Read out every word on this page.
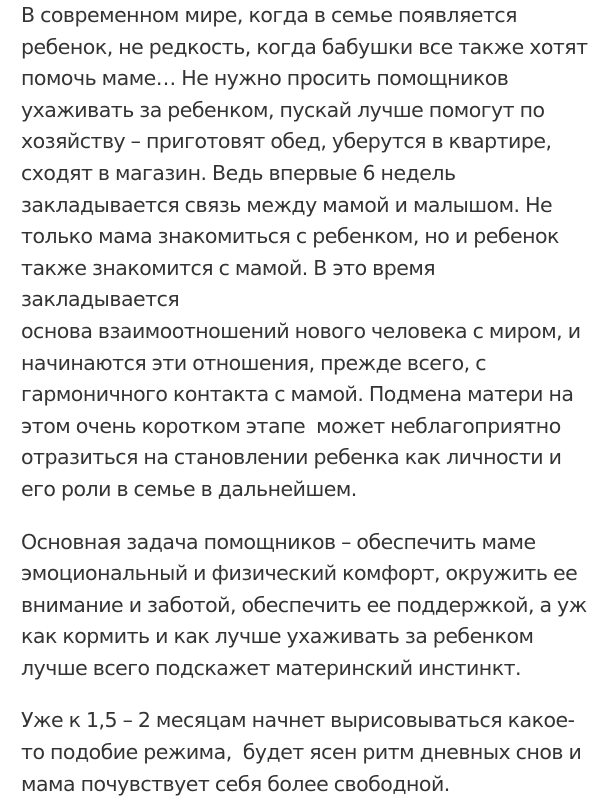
В современном мире, когда в семье появляется
ребенок, не редкость, когда бабушки все также хотят
помочь маме… Не нужно просить помощников
ухаживать за ребенком, пускай лучше помогут по
хозяйству – приготовят обед, уберутся в квартире,
сходят в магазин. Ведь впервые 6 недель
закладывается связь между мамой и малышом. Не
только мама знакомиться с ребенком, но и ребенок
также знакомится с мамой. В это время закладывается
основа взаимоотношений нового человека с миром, и
начинаются эти отношения, прежде всего, с
гармоничного контакта с мамой. Подмена матери на
этом очень коротком этапе  может неблагоприятно
отразиться на становлении ребенка как личности и
его роли в семье в дальнейшем.

Основная задача помощников – обеспечить маме
эмоциональный и физический комфорт, окружить ее
внимание и заботой, обеспечить ее поддержкой, а уж
как кормить и как лучше ухаживать за ребенком
лучше всего подскажет материнский инстинкт.

Уже к 1,5 – 2 месяцам начнет вырисовываться какое-
то подобие режима,  будет ясен ритм дневных снов и
мама почувствует себя более свободной.
